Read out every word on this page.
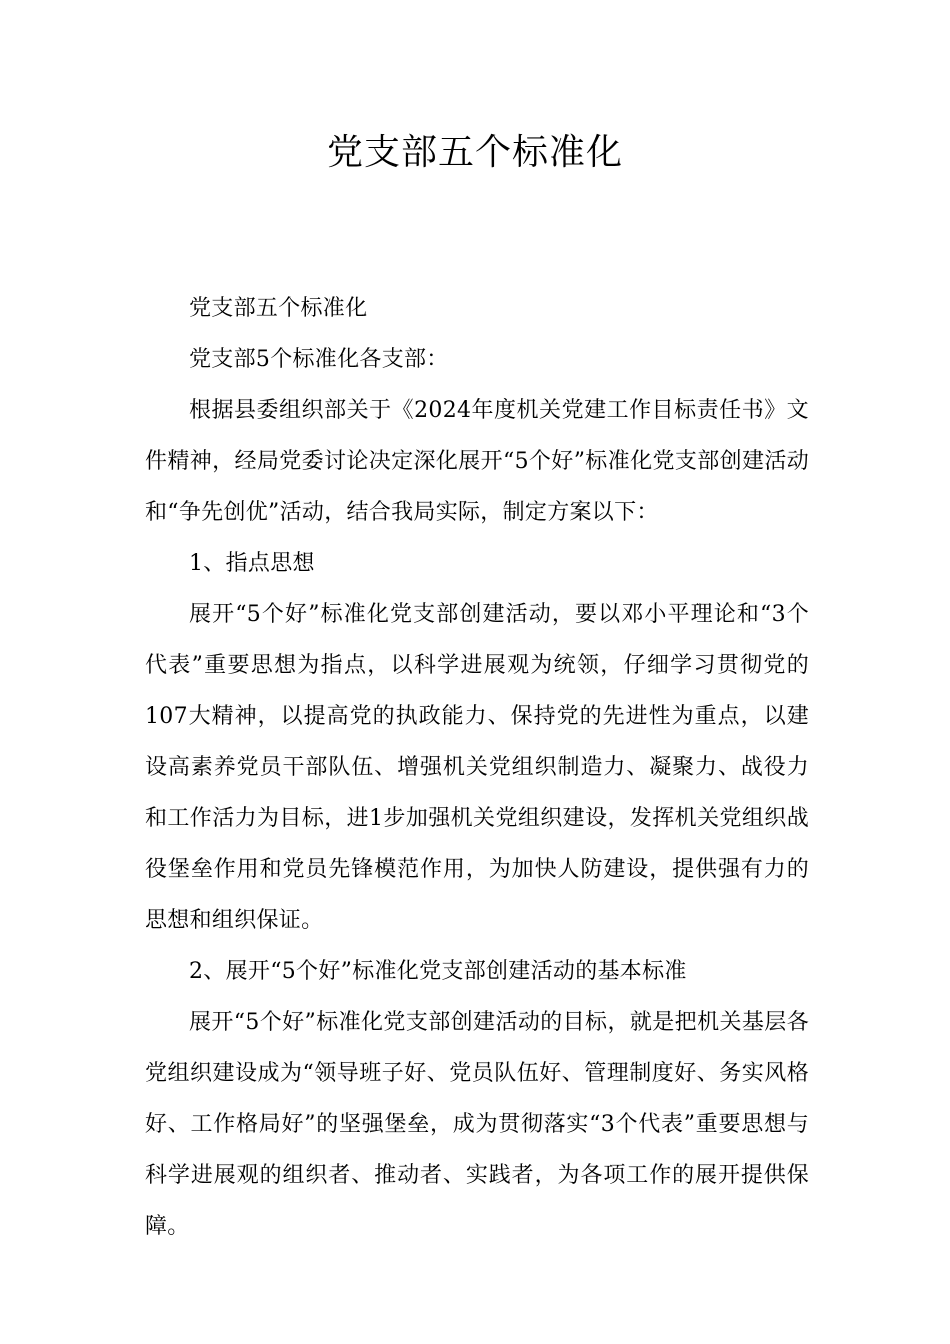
党支部五个标准化

党支部五个标准化

党支部5个标准化各支部：

根据县委组织部关于《2024年度机关党建工作目标责任书》文件精神，经局党委讨论决定深化展开“5个好”标准化党支部创建活动和“争先创优”活动，结合我局实际，制定方案以下：

1、指点思想

展开“5个好”标准化党支部创建活动，要以邓小平理论和“3个代表”重要思想为指点，以科学进展观为统领，仔细学习贯彻党的107大精神，以提高党的执政能力、保持党的先进性为重点，以建设高素养党员干部队伍、增强机关党组织制造力、凝聚力、战役力和工作活力为目标，进1步加强机关党组织建设，发挥机关党组织战役堡垒作用和党员先锋模范作用，为加快人防建设，提供强有力的思想和组织保证。

2、展开“5个好”标准化党支部创建活动的基本标准

展开“5个好”标准化党支部创建活动的目标，就是把机关基层各党组织建设成为“领导班子好、党员队伍好、管理制度好、务实风格好、工作格局好”的坚强堡垒，成为贯彻落实“3个代表”重要思想与科学进展观的组织者、推动者、实践者，为各项工作的展开提供保障。
